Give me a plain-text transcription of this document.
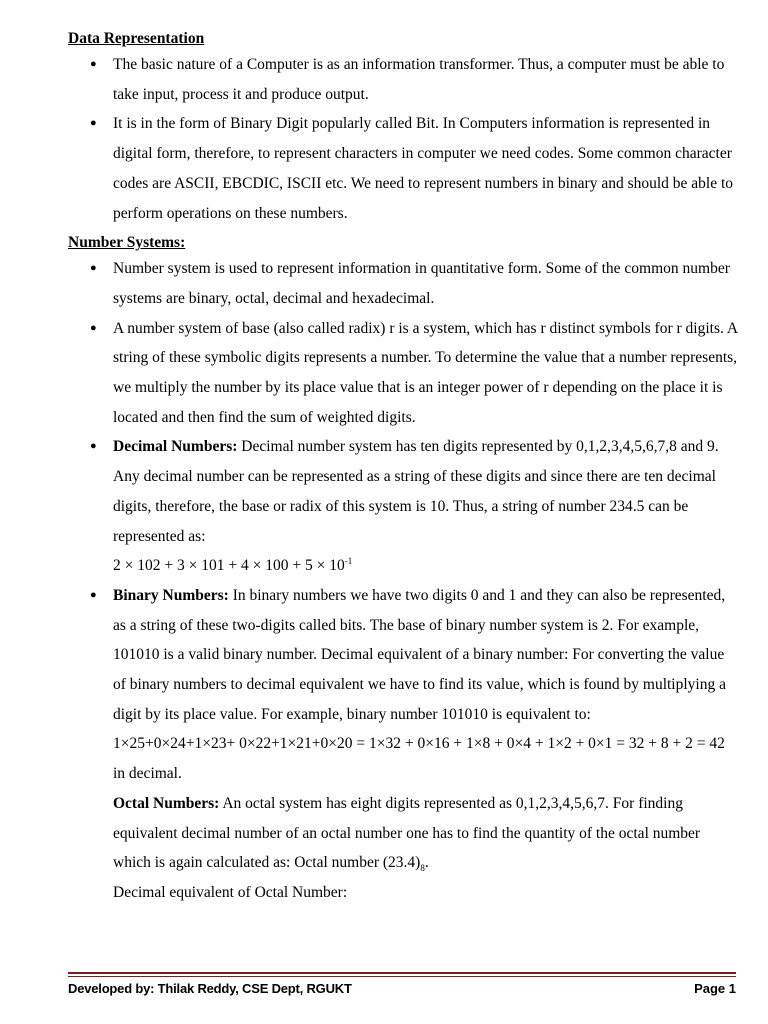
Data Representation

● The basic nature of a Computer is as an information transformer. Thus, a computer must be able to take input, process it and produce output.
● It is in the form of Binary Digit popularly called Bit. In Computers information is represented in digital form, therefore, to represent characters in computer we need codes. Some common character codes are ASCII, EBCDIC, ISCII etc. We need to represent numbers in binary and should be able to perform operations on these numbers.

Number Systems:

● Number system is used to represent information in quantitative form. Some of the common number systems are binary, octal, decimal and hexadecimal.
● A number system of base (also called radix) r is a system, which has r distinct symbols for r digits. A string of these symbolic digits represents a number. To determine the value that a number represents, we multiply the number by its place value that is an integer power of r depending on the place it is located and then find the sum of weighted digits.
● Decimal Numbers: Decimal number system has ten digits represented by 0,1,2,3,4,5,6,7,8 and 9. Any decimal number can be represented as a string of these digits and since there are ten decimal digits, therefore, the base or radix of this system is 10. Thus, a string of number 234.5 can be represented as:
$2 \times 102 + 3 \times 101 + 4 \times 100 + 5 \times 10^{-1}$
● Binary Numbers: In binary numbers we have two digits 0 and 1 and they can also be represented, as a string of these two-digits called bits. The base of binary number system is 2. For example, 101010 is a valid binary number. Decimal equivalent of a binary number: For converting the value of binary numbers to decimal equivalent we have to find its value, which is found by multiplying a digit by its place value. For example, binary number 101010 is equivalent to:
1×25+0×24+1×23+ 0×22+1×21+0×20 = 1×32 + 0×16 + 1×8 + 0×4 + 1×2 + 0×1 = 32 + 8 + 2 = 42 in decimal.
Octal Numbers: An octal system has eight digits represented as 0,1,2,3,4,5,6,7. For finding equivalent decimal number of an octal number one has to find the quantity of the octal number which is again calculated as: Octal number $(23.4)_8$.
Decimal equivalent of Octal Number:
Developed by: Thilak Reddy, CSE Dept, RGUKT	Page 1
